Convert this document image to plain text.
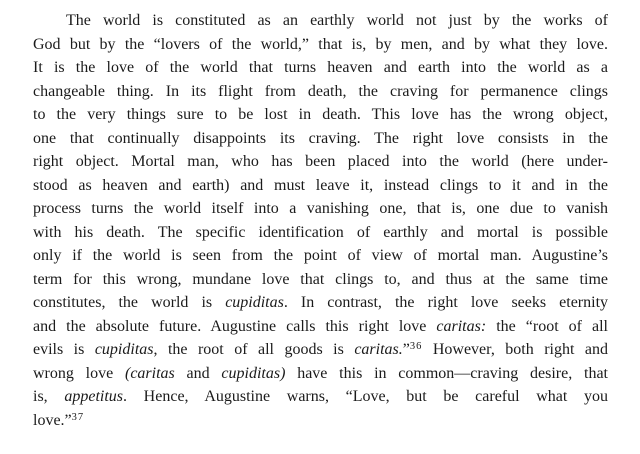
The world is constituted as an earthly world not just by the works of
God but by the “lovers of the world,” that is, by men, and by what they love.
It is the love of the world that turns heaven and earth into the world as a
changeable thing. In its flight from death, the craving for permanence clings
to the very things sure to be lost in death. This love has the wrong object,
one that continually disappoints its craving. The right love consists in the
right object. Mortal man, who has been placed into the world (here under-
stood as heaven and earth) and must leave it, instead clings to it and in the
process turns the world itself into a vanishing one, that is, one due to vanish
with his death. The specific identification of earthly and mortal is possible
only if the world is seen from the point of view of mortal man. Augustine’s
term for this wrong, mundane love that clings to, and thus at the same time
constitutes, the world is cupiditas. In contrast, the right love seeks eternity
and the absolute future. Augustine calls this right love caritas: the “root of all
evils is cupiditas, the root of all goods is caritas.”$^{36}$ However, both right and
wrong love (caritas and cupiditas) have this in common—craving desire, that
is, appetitus. Hence, Augustine warns, “Love, but be careful what you
love.”$^{37}$
